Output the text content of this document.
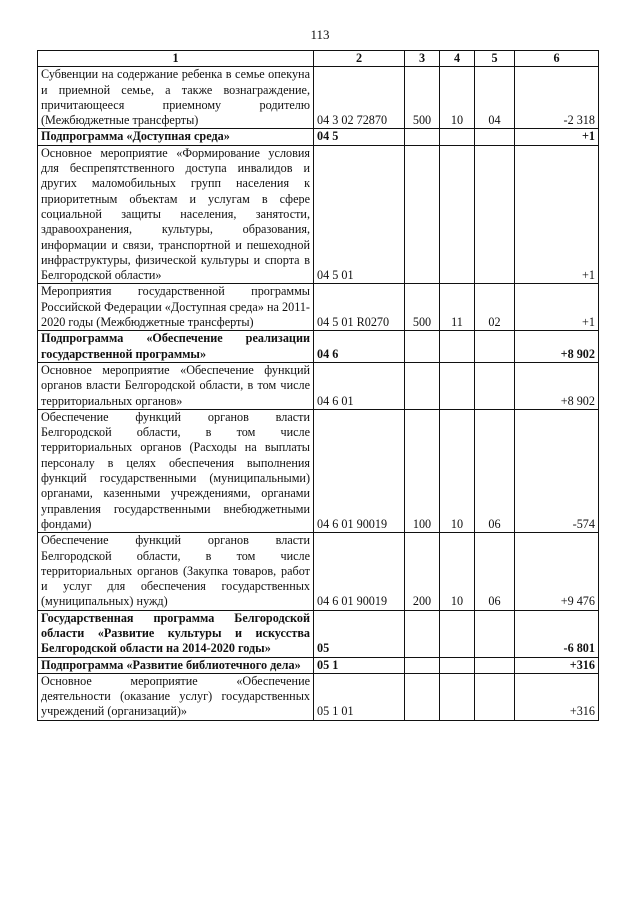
113
1	2	3	4	5	6
Субвенции на содержание ребенка в семье опекуна и приемной семье, а также вознаграждение, причитающееся приемному родителю (Межбюджетные трансферты)	04 3 02 72870	500	10	04	-2 318
Подпрограмма «Доступная среда»	04 5				+1
Основное мероприятие «Формирование условия для беспрепятственного доступа инвалидов и других маломобильных групп населения к приоритетным объектам и услугам в сфере социальной защиты населения, занятости, здравоохранения, культуры, образования, информации и связи, транспортной и пешеходной инфраструктуры, физической культуры и спорта в Белгородской области»	04 5 01				+1
Мероприятия государственной программы Российской Федерации «Доступная среда» на 2011-2020 годы (Межбюджетные трансферты)	04 5 01 R0270	500	11	02	+1
Подпрограмма «Обеспечение реализации государственной программы»	04 6				+8 902
Основное мероприятие «Обеспечение функций органов власти Белгородской области, в том числе территориальных органов»	04 6 01				+8 902
Обеспечение функций органов власти Белгородской области, в том числе территориальных органов (Расходы на выплаты персоналу в целях обеспечения выполнения функций государственными (муниципальными) органами, казенными учреждениями, органами управления государственными внебюджетными фондами)	04 6 01 90019	100	10	06	-574
Обеспечение функций органов власти Белгородской области, в том числе территориальных органов (Закупка товаров, работ и услуг для обеспечения государственных (муниципальных) нужд)	04 6 01 90019	200	10	06	+9 476
Государственная программа Белгородской области «Развитие культуры и искусства Белгородской области на 2014-2020 годы»	05				-6 801
Подпрограмма «Развитие библиотечного дела»	05 1				+316
Основное мероприятие «Обеспечение деятельности (оказание услуг) государственных учреждений (организаций)»	05 1 01				+316
